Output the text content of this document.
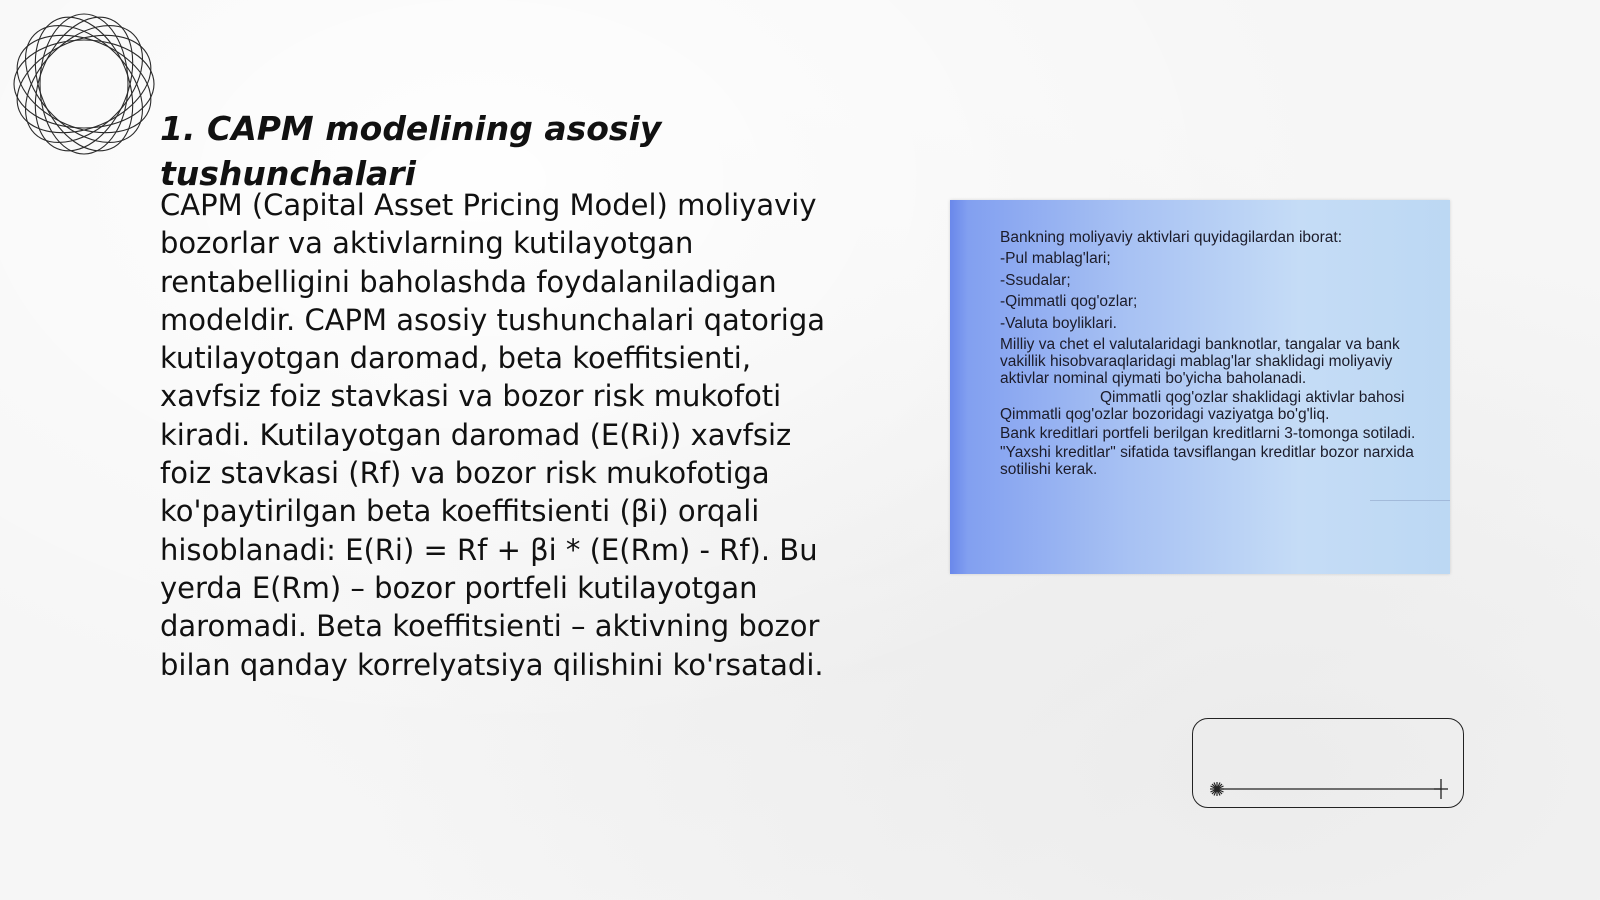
1. CAPM modelining asosiy tushunchalari

CAPM (Capital Asset Pricing Model) moliyaviy bozorlar va aktivlarning kutilayotgan rentabelligini baholashda foydalaniladigan modeldir. CAPM asosiy tushunchalari qatoriga kutilayotgan daromad, beta koeffitsienti, xavfsiz foiz stavkasi va bozor risk mukofoti kiradi. Kutilayotgan daromad (E(Ri)) xavfsiz foiz stavkasi (Rf) va bozor risk mukofotiga ko'paytirilgan beta koeffitsienti (βi) orqali hisoblanadi: E(Ri) = Rf + βi * (E(Rm) - Rf). Bu yerda E(Rm) – bozor portfeli kutilayotgan daromadi. Beta koeffitsienti – aktivning bozor bilan qanday korrelyatsiya qilishini ko'rsatadi.

Bankning moliyaviy aktivlari quyidagilardan iborat:
-Pul mablag'lari;
-Ssudalar;
-Qimmatli qog'ozlar;
-Valuta boyliklari.
Milliy va chet el valutalaridagi banknotlar, tangalar va bank vakillik hisobvaraqlaridagi mablag'lar shaklidagi moliyaviy aktivlar nominal qiymati bo'yicha baholanadi.
Qimmatli qog'ozlar shaklidagi aktivlar bahosi Qimmatli qog'ozlar bozoridagi vaziyatga bo'g'liq.
Bank kreditlari portfeli berilgan kreditlarni 3-tomonga sotiladi.
"Yaxshi kreditlar" sifatida tavsiflangan kreditlar bozor narxida sotilishi kerak.
